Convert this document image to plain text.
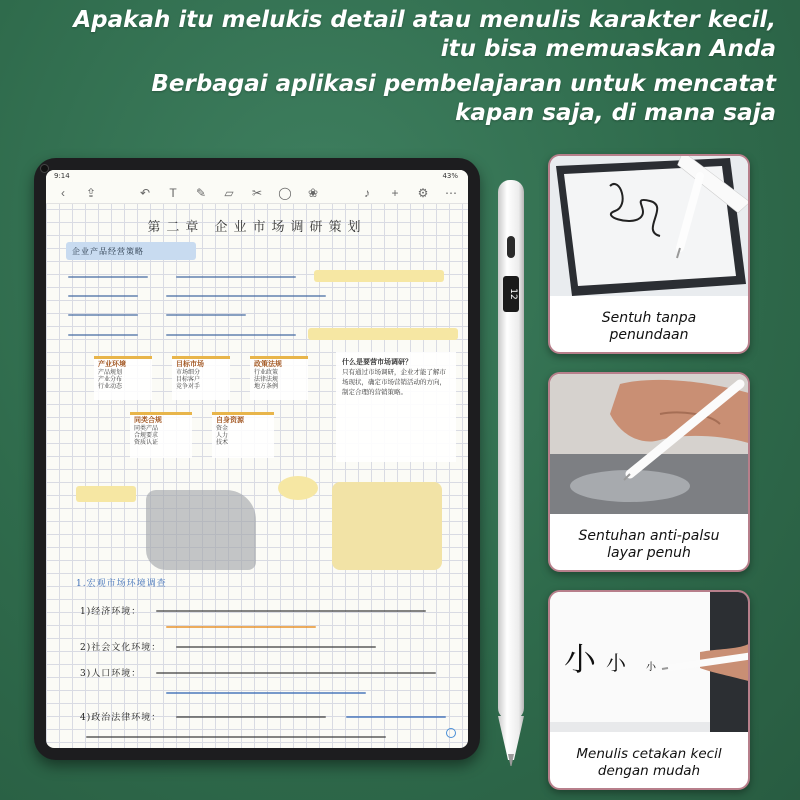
Apakah itu melukis detail atau menulis karakter kecil,
itu bisa memuaskan Anda
Berbagai aplikasi pembelajaran untuk mencatat
kapan saja, di mana saja
9:14	43%
‹	⇪	↶ T ✎ ▱ ✂ ◯ ❀	♪	+ ⚙ ⋯
第二章 企业市场调研策划
企业产品经营策略
产业环境
产品规划
产业分布
行业动态
目标市场
市场细分
目标客户
竞争对手
政策法规
行业政策
法律法规
地方条例
同类合规
同类产品
合规要求
资质认证
自身资源
资金
人力
技术
什么是要营市场调研？
只有通过市场调研，企业才能了解市场现状，确定市场营销活动的方向，制定合理的营销策略。
1.宏观市场环境调查
1)经济环境：
2)社会文化环境：
3)人口环境：
4)政治法律环境：
12
Sentuh tanpa
penundaan
Sentuhan anti-palsu
layar penuh
小 小 小
Menulis cetakan kecil
dengan mudah
